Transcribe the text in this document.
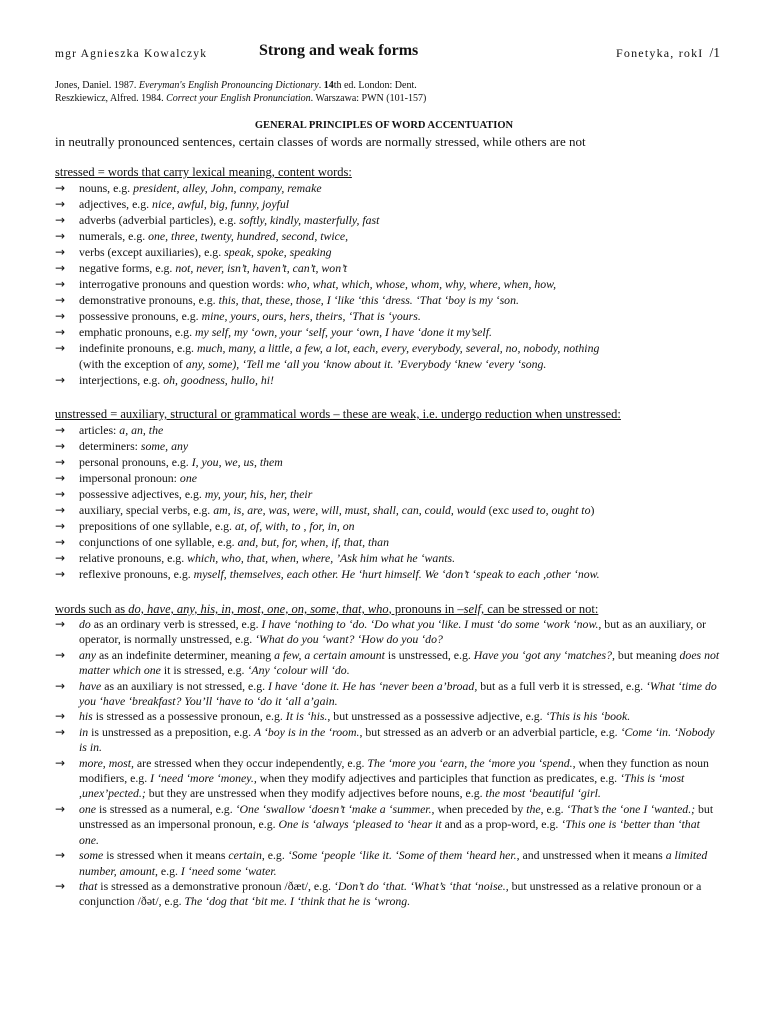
mgr Agnieszka Kowalczyk	Strong and weak forms	Fonetyka, rokI /1

Jones, Daniel. 1987. Everyman's English Pronouncing Dictionary. 14th ed. London: Dent.

Reszkiewicz, Alfred. 1984. Correct your English Pronunciation. Warszawa: PWN (101-157)

GENERAL PRINCIPLES OF WORD ACCENTUATION
in neutrally pronounced sentences, certain classes of words are normally stressed, while others are not
stressed = words that carry lexical meaning, content words:
→ nouns, e.g. president, alley, John, company, remake
→ adjectives, e.g. nice, awful, big, funny, joyful
→ adverbs (adverbial particles), e.g. softly, kindly, masterfully, fast
→ numerals, e.g. one, three, twenty, hundred, second, twice,
→ verbs (except auxiliaries), e.g. speak, spoke, speaking
→ negative forms, e.g. not, never, isn’t, haven’t, can’t, won’t
→ interrogative pronouns and question words: who, what, which, whose, whom, why, where, when, how,
→ demonstrative pronouns, e.g. this, that, these, those, I ‘like ‘this ‘dress. ‘That ‘boy is my ‘son.
→ possessive pronouns, e.g. mine, yours, ours, hers, theirs, ‘That is ‘yours.
→ emphatic pronouns, e.g. my self, my ‘own, your ‘self, your ‘own, I have ‘done it my’self.
→ indefinite pronouns, e.g. much, many, a little, a few, a lot, each, every, everybody, several, no, nobody, nothing
(with the exception of any, some), ‘Tell me ‘all you ‘know about it. ’Everybody ‘knew ‘every ‘song.
→ interjections, e.g. oh, goodness, hullo, hi!
unstressed = auxiliary, structural or grammatical words – these are weak, i.e. undergo reduction when unstressed:
→ articles: a, an, the
→ determiners: some, any
→ personal pronouns, e.g. I, you, we, us, them
→ impersonal pronoun: one
→ possessive adjectives, e.g. my, your, his, her, their
→ auxiliary, special verbs, e.g. am, is, are, was, were, will, must, shall, can, could, would (exc used to, ought to)
→ prepositions of one syllable, e.g. at, of, with, to , for, in, on
→ conjunctions of one syllable, e.g. and, but, for, when, if, that, than
→ relative pronouns, e.g. which, who, that, when, where, ’Ask him what he ‘wants.
→ reflexive pronouns, e.g. myself, themselves, each other. He ‘hurt himself. We ‘don’t ‘speak to each ,other ‘now.
words such as do, have, any, his, in, most, one, on, some, that, who, pronouns in –self, can be stressed or not:
→ do as an ordinary verb is stressed, e.g. I have ‘nothing to ‘do. ‘Do what you ‘like. I must ‘do some ‘work ‘now., but as an auxiliary, or operator, is normally unstressed, e.g. ‘What do you ‘want? ‘How do you ‘do?
→ any as an indefinite determiner, meaning a few, a certain amount is unstressed, e.g. Have you ‘got any ‘matches?, but meaning does not matter which one it is stressed, e.g. ‘Any ‘colour will ‘do.
→ have as an auxiliary is not stressed, e.g. I have ‘done it. He has ‘never been a’broad, but as a full verb it is stressed, e.g. ‘What ‘time do you ‘have ‘breakfast? You’ll ‘have to ‘do it ‘all a’gain.
→ his is stressed as a possessive pronoun, e.g. It is ‘his., but unstressed as a possessive adjective, e.g. ‘This is his ‘book.
→ in is unstressed as a preposition, e.g. A ‘boy is in the ‘room., but stressed as an adverb or an adverbial particle, e.g. ‘Come ‘in. ‘Nobody is in.
→ more, most, are stressed when they occur independently, e.g. The ‘more you ‘earn, the ‘more you ‘spend., when they function as noun modifiers, e.g. I ‘need ‘more ‘money., when they modify adjectives and participles that function as predicates, e.g. ‘This is ‘most ,unex’pected.; but they are unstressed when they modify adjectives before nouns, e.g. the most ‘beautiful ‘girl.
→ one is stressed as a numeral, e.g. ‘One ‘swallow ‘doesn’t ‘make a ‘summer., when preceded by the, e.g. ‘That’s the ‘one I ‘wanted.; but unstressed as an impersonal pronoun, e.g. One is ‘always ‘pleased to ‘hear it and as a prop-word, e.g. ‘This one is ‘better than ‘that one.
→ some is stressed when it means certain, e.g. ‘Some ‘people ‘like it. ‘Some of them ‘heard her., and unstressed when it means a limited number, amount, e.g. I ‘need some ‘water.
→ that is stressed as a demonstrative pronoun /ðæt/, e.g. ‘Don’t do ‘that. ‘What’s ‘that ‘noise., but unstressed as a relative pronoun or a conjunction /ðət/, e.g. The ‘dog that ‘bit me. I ‘think that he is ‘wrong.
